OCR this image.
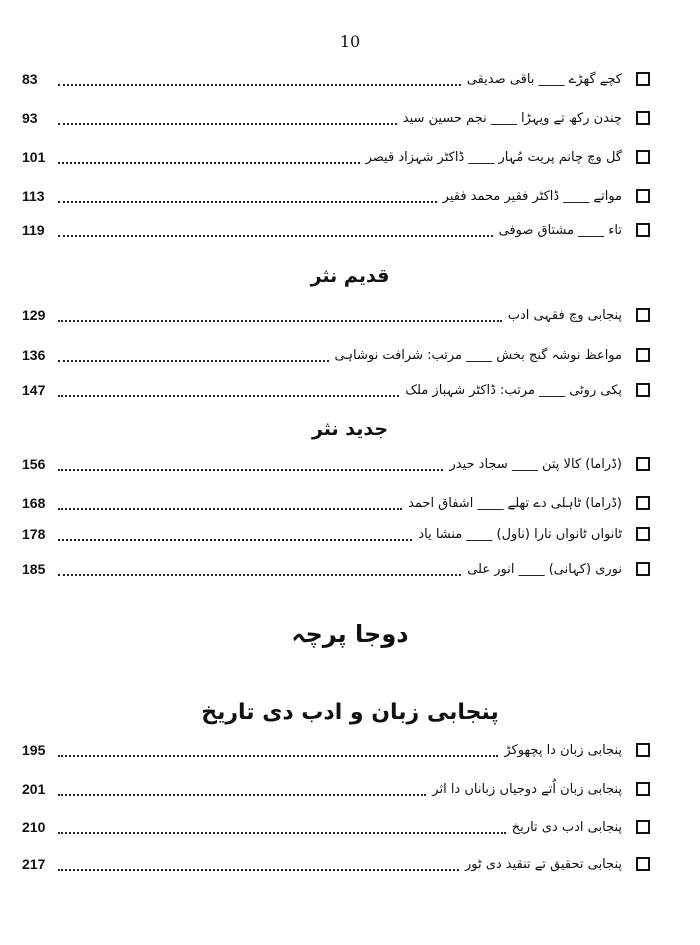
10
83	کچے گھڑے ____ باقی صدیقی
93	چندن رکھ تے ویہڑا ____ نجم حسین سید
101	گل وچ چانم پریت مُہار ____ ڈاکٹر شہزاد قیصر
113	مواتے ____ ڈاکٹر فقیر محمد فقیر
119	تاء ____ مشتاق صوفی
قدیم نثر
129	پنجابی وچ فقہی ادب
136	مواعظ نوشہ گنج بخش ____ مرتب: شرافت نوشاہی
147	پکی روٹی ____ مرتب: ڈاکٹر شہباز ملک
جدید نثر
156	(ڈراما) کالا پتن ____ سجاد حیدر
168	(ڈراما) ٹاہلی دے تھلے ____ اشفاق احمد
178	ٹانواں ٹانواں تارا (ناول) ____ منشا یاد
185	نوری (کہانی) ____ انور علی
دوجا پرچہ
پنجابی زبان و ادب دی تاریخ
195	پنجابی زبان دا پچھوکڑ
201	پنجابی زبان اُتے دوجیاں زباناں دا اثر
210	پنجابی ادب دی تاریخ
217	پنجابی تحقیق تے تنقید دی ٹور
